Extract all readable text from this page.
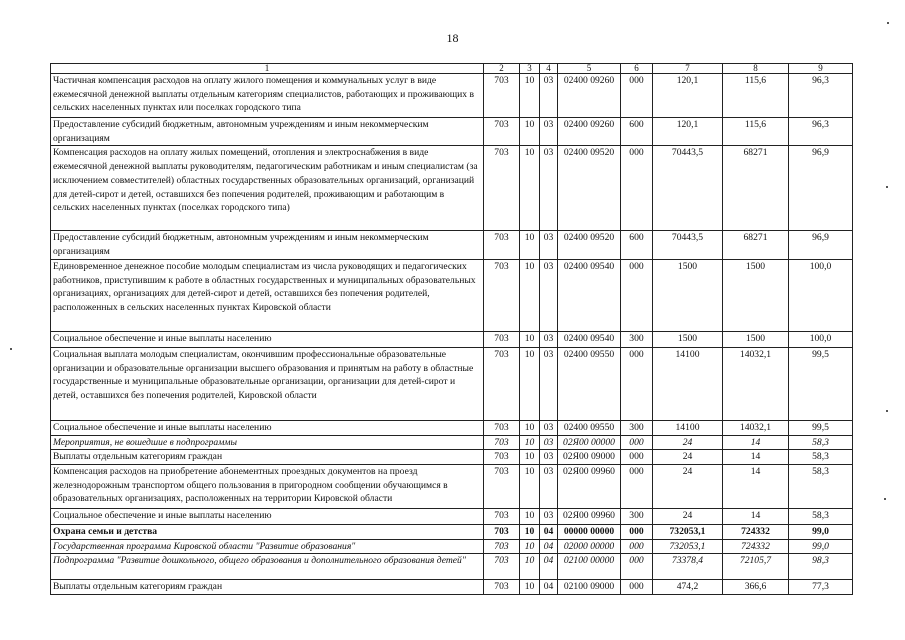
18
1	2	3	4	5	6	7	8	9
Частичная компенсация расходов на оплату жилого помещения и коммунальных услуг в виде ежемесячной денежной выплаты отдельным категориям специалистов, работающих и проживающих в сельских населенных пунктах или поселках городского типа	703	10	03	02400 09260	000	120,1	115,6	96,3
Предоставление субсидий бюджетным, автономным учреждениям и иным некоммерческим организациям	703	10	03	02400 09260	600	120,1	115,6	96,3
Компенсация расходов на оплату жилых помещений, отопления и электроснабжения в виде ежемесячной денежной выплаты руководителям, педагогическим работникам и иным специалистам (за исключением совместителей) областных государственных образовательных организаций, организаций для детей-сирот и детей, оставшихся без попечения родителей, проживающим и работающим в сельских населенных пунктах (поселках городского типа)	703	10	03	02400 09520	000	70443,5	68271	96,9
Предоставление субсидий бюджетным, автономным учреждениям и иным некоммерческим организациям	703	10	03	02400 09520	600	70443,5	68271	96,9
Единовременное денежное пособие молодым специалистам из числа руководящих и педагогических работников, приступившим к работе в областных государственных и муниципальных образовательных организациях, организациях для детей-сирот и детей, оставшихся без попечения родителей, расположенных в сельских населенных пунктах Кировской области	703	10	03	02400 09540	000	1500	1500	100,0
Социальное обеспечение и иные выплаты населению	703	10	03	02400 09540	300	1500	1500	100,0
Социальная выплата молодым специалистам, окончившим профессиональные образовательные организации и образовательные организации высшего образования и принятым на работу в областные государственные и муниципальные образовательные организации, организации для детей-сирот и детей, оставшихся без попечения родителей, Кировской области	703	10	03	02400 09550	000	14100	14032,1	99,5
Социальное обеспечение и иные выплаты населению	703	10	03	02400 09550	300	14100	14032,1	99,5
Мероприятия, не вошедшие в подпрограммы	703	10	03	02Я00 00000	000	24	14	58,3
Выплаты отдельным категориям граждан	703	10	03	02Я00 09000	000	24	14	58,3
Компенсация расходов на приобретение абонементных проездных документов на проезд железнодорожным транспортом общего пользования в пригородном сообщении обучающимся в образовательных организациях, расположенных на территории Кировской области	703	10	03	02Я00 09960	000	24	14	58,3
Социальное обеспечение и иные выплаты населению	703	10	03	02Я00 09960	300	24	14	58,3
Охрана семьи и детства	703	10	04	00000 00000	000	732053,1	724332	99,0
Государственная программа Кировской области "Развитие образования"	703	10	04	02000 00000	000	732053,1	724332	99,0
Подпрограмма "Развитие дошкольного, общего образования и дополнительного образования детей"	703	10	04	02100 00000	000	73378,4	72105,7	98,3
Выплаты отдельным категориям граждан	703	10	04	02100 09000	000	474,2	366,6	77,3
